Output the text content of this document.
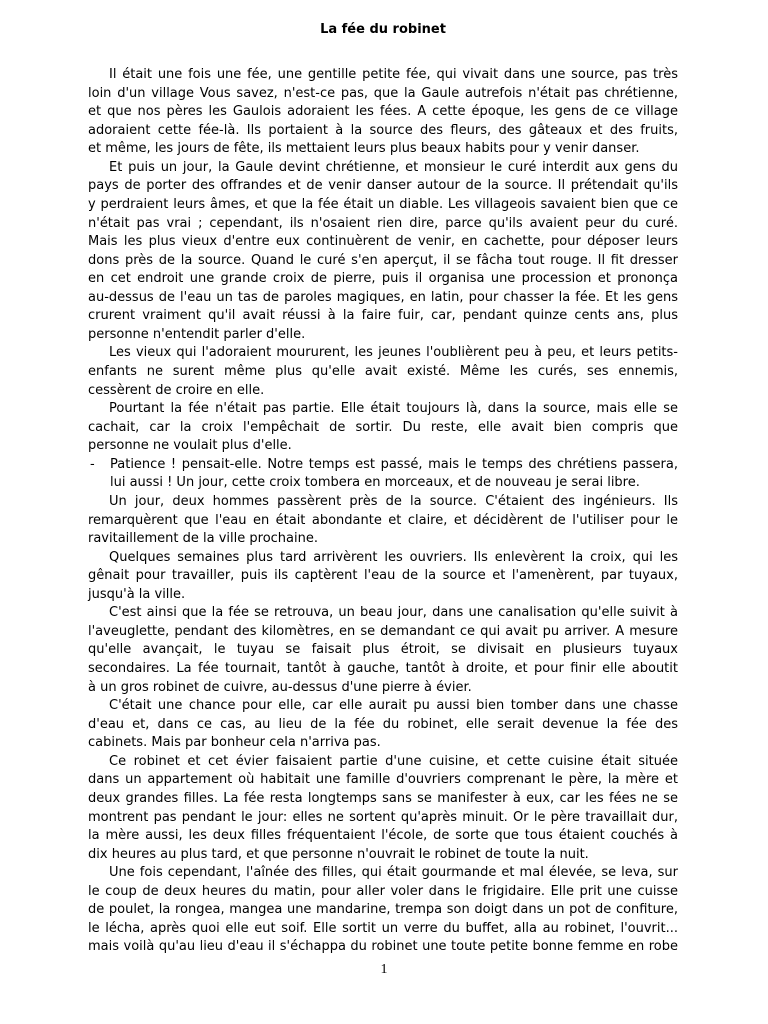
La fée du robinet
Il était une fois une fée, une gentille petite fée, qui vivait dans une source, pas très
loin d'un village Vous savez, n'est-ce pas, que la Gaule autrefois n'était pas chrétienne,
et que nos pères les Gaulois adoraient les fées. A cette époque, les gens de ce village
adoraient cette fée-là. Ils portaient à la source des fleurs, des gâteaux et des fruits,
et même, les jours de fête, ils mettaient leurs plus beaux habits pour y venir danser.
Et puis un jour, la Gaule devint chrétienne, et monsieur le curé interdit aux gens du
pays de porter des offrandes et de venir danser autour de la source. Il prétendait qu'ils
y perdraient leurs âmes, et que la fée était un diable. Les villageois savaient bien que ce
n'était pas vrai ; cependant, ils n'osaient rien dire, parce qu'ils avaient peur du curé.
Mais les plus vieux d'entre eux continuèrent de venir, en cachette, pour déposer leurs
dons près de la source. Quand le curé s'en aperçut, il se fâcha tout rouge. Il fit dresser
en cet endroit une grande croix de pierre, puis il organisa une procession et prononça
au-dessus de l'eau un tas de paroles magiques, en latin, pour chasser la fée. Et les gens
crurent vraiment qu'il avait réussi à la faire fuir, car, pendant quinze cents ans, plus
personne n'entendit parler d'elle.
Les vieux qui l'adoraient moururent, les jeunes l'oublièrent peu à peu, et leurs petits-
enfants ne surent même plus qu'elle avait existé. Même les curés, ses ennemis,
cessèrent de croire en elle.
Pourtant la fée n'était pas partie. Elle était toujours là, dans la source, mais elle se
cachait, car la croix l'empêchait de sortir. Du reste, elle avait bien compris que
personne ne voulait plus d'elle.
- Patience ! pensait-elle. Notre temps est passé, mais le temps des chrétiens passera,
lui aussi ! Un jour, cette croix tombera en morceaux, et de nouveau je serai libre.
Un jour, deux hommes passèrent près de la source. C'étaient des ingénieurs. Ils
remarquèrent que l'eau en était abondante et claire, et décidèrent de l'utiliser pour le
ravitaillement de la ville prochaine.
Quelques semaines plus tard arrivèrent les ouvriers. Ils enlevèrent la croix, qui les
gênait pour travailler, puis ils captèrent l'eau de la source et l'amenèrent, par tuyaux,
jusqu'à la ville.
C'est ainsi que la fée se retrouva, un beau jour, dans une canalisation qu'elle suivit à
l'aveuglette, pendant des kilomètres, en se demandant ce qui avait pu arriver. A mesure
qu'elle avançait, le tuyau se faisait plus étroit, se divisait en plusieurs tuyaux
secondaires. La fée tournait, tantôt à gauche, tantôt à droite, et pour finir elle aboutit
à un gros robinet de cuivre, au-dessus d'une pierre à évier.
C'était une chance pour elle, car elle aurait pu aussi bien tomber dans une chasse
d'eau et, dans ce cas, au lieu de la fée du robinet, elle serait devenue la fée des
cabinets. Mais par bonheur cela n'arriva pas.
Ce robinet et cet évier faisaient partie d'une cuisine, et cette cuisine était située
dans un appartement où habitait une famille d'ouvriers comprenant le père, la mère et
deux grandes filles. La fée resta longtemps sans se manifester à eux, car les fées ne se
montrent pas pendant le jour: elles ne sortent qu'après minuit. Or le père travaillait dur,
la mère aussi, les deux filles fréquentaient l'école, de sorte que tous étaient couchés à
dix heures au plus tard, et que personne n'ouvrait le robinet de toute la nuit.
Une fois cependant, l'aînée des filles, qui était gourmande et mal élevée, se leva, sur
le coup de deux heures du matin, pour aller voler dans le frigidaire. Elle prit une cuisse
de poulet, la rongea, mangea une mandarine, trempa son doigt dans un pot de confiture,
le lécha, après quoi elle eut soif. Elle sortit un verre du buffet, alla au robinet, l'ouvrit...
mais voilà qu'au lieu d'eau il s'échappa du robinet une toute petite bonne femme en robe
1
